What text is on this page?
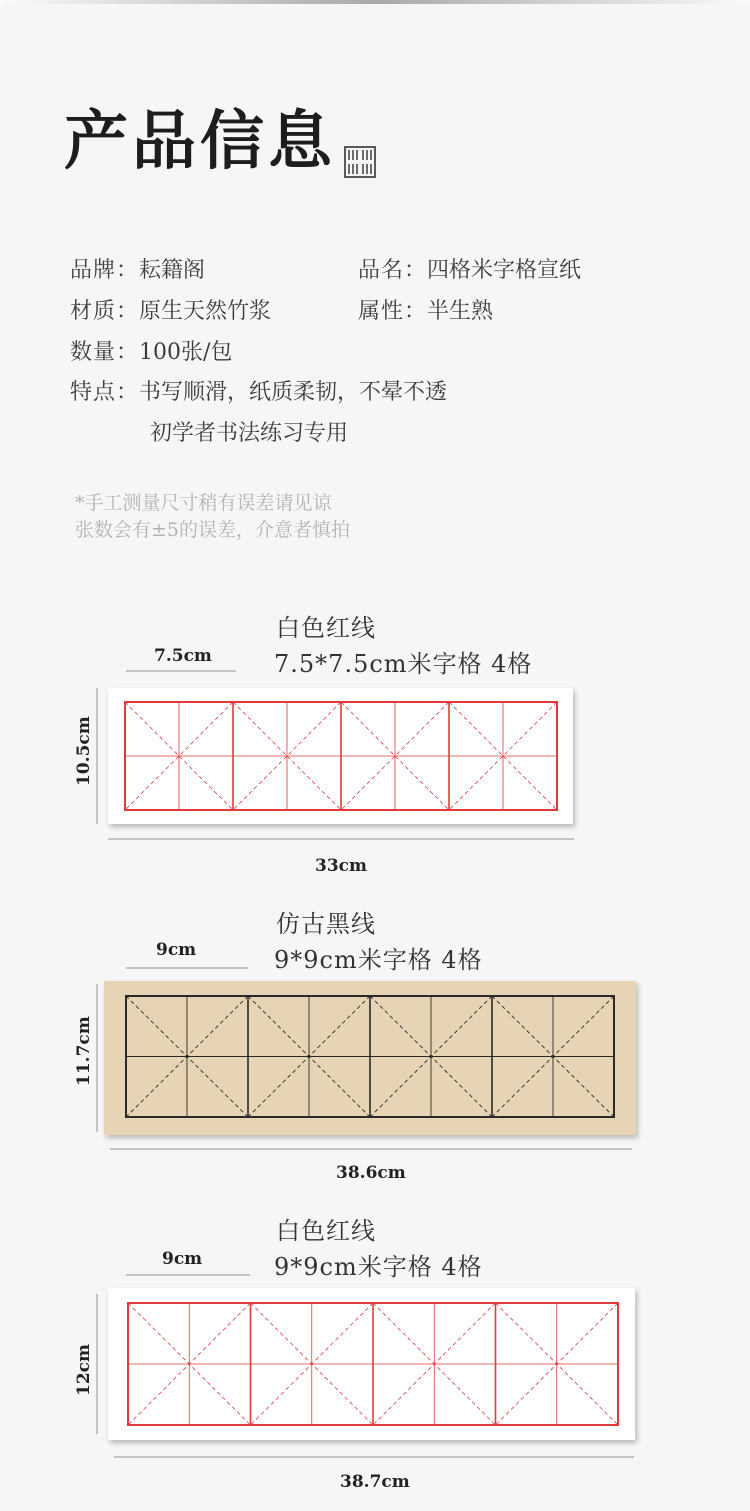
产品信息
品牌：耘籍阁	品名：四格米字格宣纸
材质：原生天然竹浆	属性：半生熟
数量：100张/包
特点：书写顺滑，纸质柔韧，不晕不透
初学者书法练习专用
*手工测量尺寸稍有误差请见谅
张数会有±5的误差，介意者慎拍
白色红线
7.5*7.5cm米字格 4格
7.5cm
10.5cm
33cm
仿古黑线
9*9cm米字格 4格
9cm
11.7cm
38.6cm
白色红线
9*9cm米字格 4格
9cm
12cm
38.7cm
